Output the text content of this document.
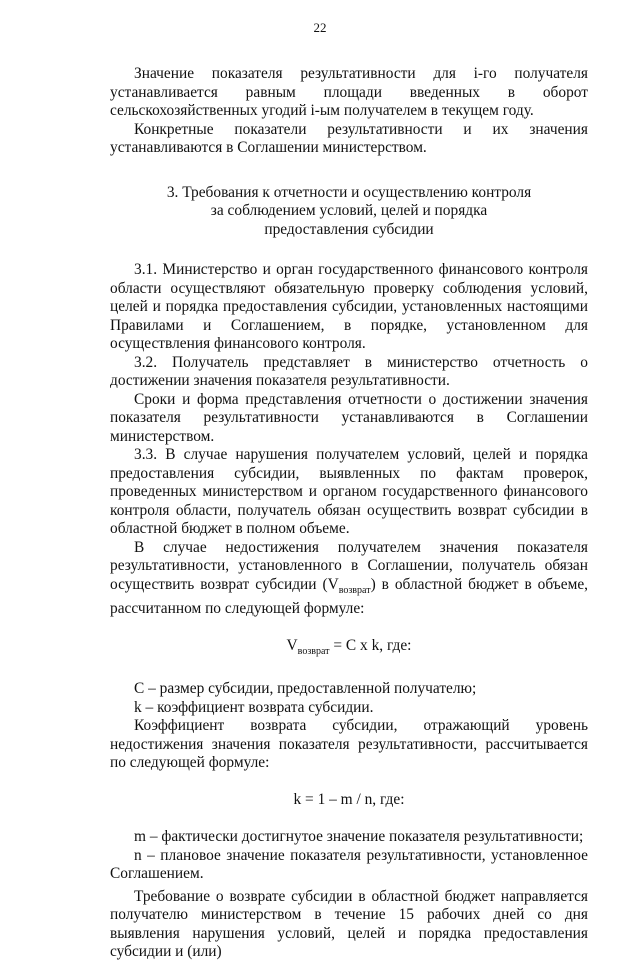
22

Значение показателя результативности для i-го получателя устанавливается равным площади введенных в оборот сельскохозяйственных угодий i-ым получателем в текущем году.

Конкретные показатели результативности и их значения устанавливаются в Соглашении министерством.

3. Требования к отчетности и осуществлению контроля
за соблюдением условий, целей и порядка
предоставления субсидии

3.1. Министерство и орган государственного финансового контроля области осуществляют обязательную проверку соблюдения условий, целей и порядка предоставления субсидии, установленных настоящими Правилами и Соглашением, в порядке, установленном для осуществления финансового контроля.

3.2. Получатель представляет в министерство отчетность о достижении значения показателя результативности.

Сроки и форма представления отчетности о достижении значения показателя результативности устанавливаются в Соглашении министерством.

3.3. В случае нарушения получателем условий, целей и порядка предоставления субсидии, выявленных по фактам проверок, проведенных министерством и органом государственного финансового контроля области, получатель обязан осуществить возврат субсидии в областной бюджет в полном объеме.

В случае недостижения получателем значения показателя результативности, установленного в Соглашении, получатель обязан осуществить возврат субсидии $(V_{возврат})$ в областной бюджет в объеме, рассчитанном по следующей формуле:

$V_{возврат} = C$ x k, где:

C – размер субсидии, предоставленной получателю;

k – коэффициент возврата субсидии.

Коэффициент возврата субсидии, отражающий уровень недостижения значения показателя результативности, рассчитывается по следующей формуле:

k = 1 – m / n, где:

m – фактически достигнутое значение показателя результативности;

n – плановое значение показателя результативности, установленное Соглашением.

Требование о возврате субсидии в областной бюджет направляется получателю министерством в течение 15 рабочих дней со дня выявления нарушения условий, целей и порядка предоставления субсидии и (или)
